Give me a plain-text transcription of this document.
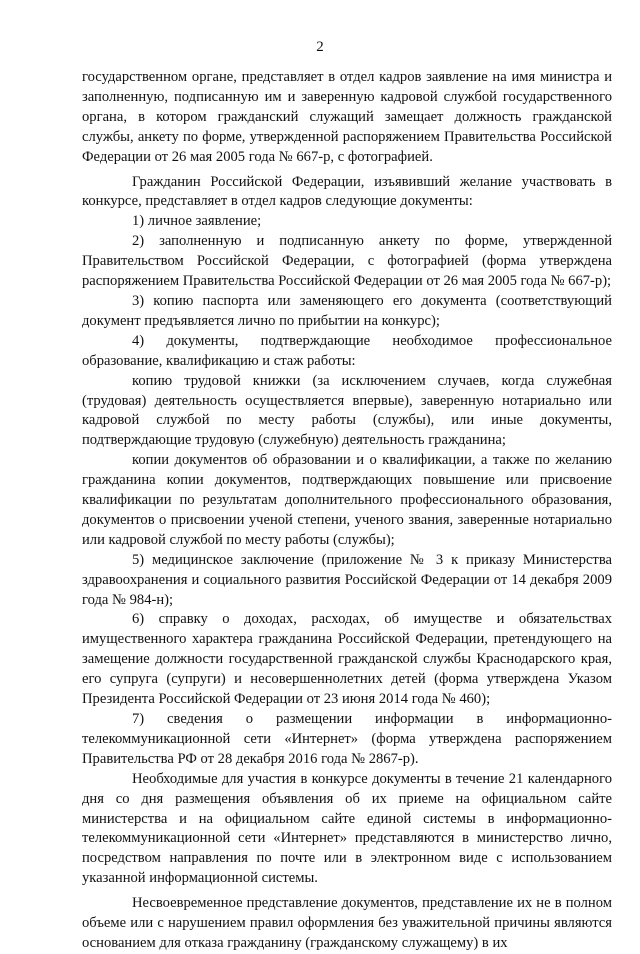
2

государственном органе, представляет в отдел кадров заявление на имя министра и заполненную, подписанную им и заверенную кадровой службой государственного органа, в котором гражданский служащий замещает должность гражданской службы, анкету по форме, утвержденной распоряжением Правительства Российской Федерации от 26 мая 2005 года № 667-р, с фотографией.

Гражданин Российской Федерации, изъявивший желание участвовать в конкурсе, представляет в отдел кадров следующие документы:

1) личное заявление;

2) заполненную и подписанную анкету по форме, утвержденной Правительством Российской Федерации, с фотографией (форма утверждена распоряжением Правительства Российской Федерации от 26 мая 2005 года № 667-р);

3) копию паспорта или заменяющего его документа (соответствующий документ предъявляется лично по прибытии на конкурс);

4) документы, подтверждающие необходимое профессиональное образование, квалификацию и стаж работы:

копию трудовой книжки (за исключением случаев, когда служебная (трудовая) деятельность осуществляется впервые), заверенную нотариально или кадровой службой по месту работы (службы), или иные документы, подтверждающие трудовую (служебную) деятельность гражданина;

копии документов об образовании и о квалификации, а также по желанию гражданина копии документов, подтверждающих повышение или присвоение квалификации по результатам дополнительного профессионального образования, документов о присвоении ученой степени, ученого звания, заверенные нотариально или кадровой службой по месту работы (службы);

5) медицинское заключение (приложение № 3 к приказу Министерства здравоохранения и социального развития Российской Федерации от 14 декабря 2009 года № 984-н);

6) справку о доходах, расходах, об имуществе и обязательствах имущественного характера гражданина Российской Федерации, претендующего на замещение должности государственной гражданской службы Краснодарского края, его супруга (супруги) и несовершеннолетних детей (форма утверждена Указом Президента Российской Федерации от 23 июня 2014 года № 460);

7) сведения о размещении информации в информационно-телекоммуникационной сети «Интернет» (форма утверждена распоряжением Правительства РФ от 28 декабря 2016 года № 2867-р).

Необходимые для участия в конкурсе документы в течение 21 календарного дня со дня размещения объявления об их приеме на официальном сайте министерства и на официальном сайте единой системы в информационно-телекоммуникационной сети «Интернет» представляются в министерство лично, посредством направления по почте или в электронном виде с использованием указанной информационной системы.

Несвоевременное представление документов, представление их не в полном объеме или с нарушением правил оформления без уважительной причины являются основанием для отказа гражданину (гражданскому служащему) в их
